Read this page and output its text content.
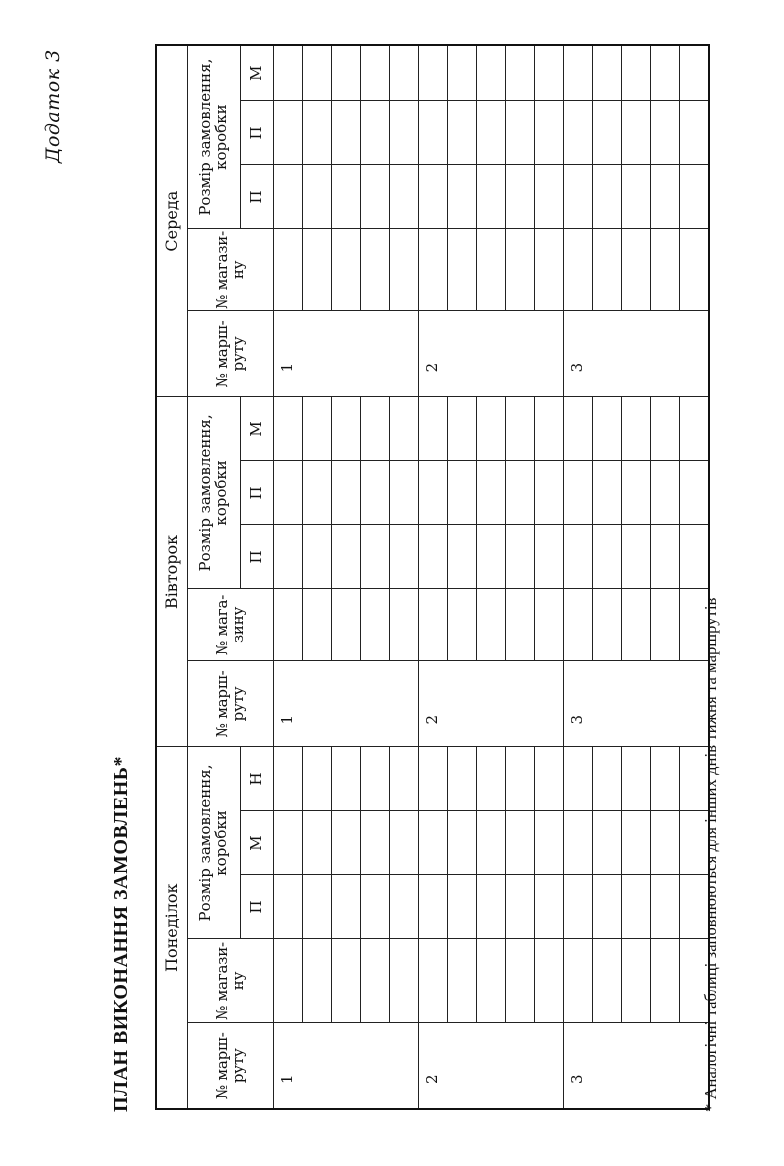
Додаток 3
ПЛАН ВИКОНАННЯ ЗАМОВЛЕНЬ* Понеділок					Вівторок					Середа				
№ марш-руту	№ магази-ну	Розмір замовлення, коробки			№ марш-руту	№ мага-зину	Розмір замовлення, коробки			№ марш-руту	№ магази-ну	Розмір замовлення, коробки		
		П	М	Н			П	П	М			П	П	М
1					1					1				

2					2					2				

3					3					3				

* Аналогічні таблиці заповнюються для інших днів тижня та маршрутів
